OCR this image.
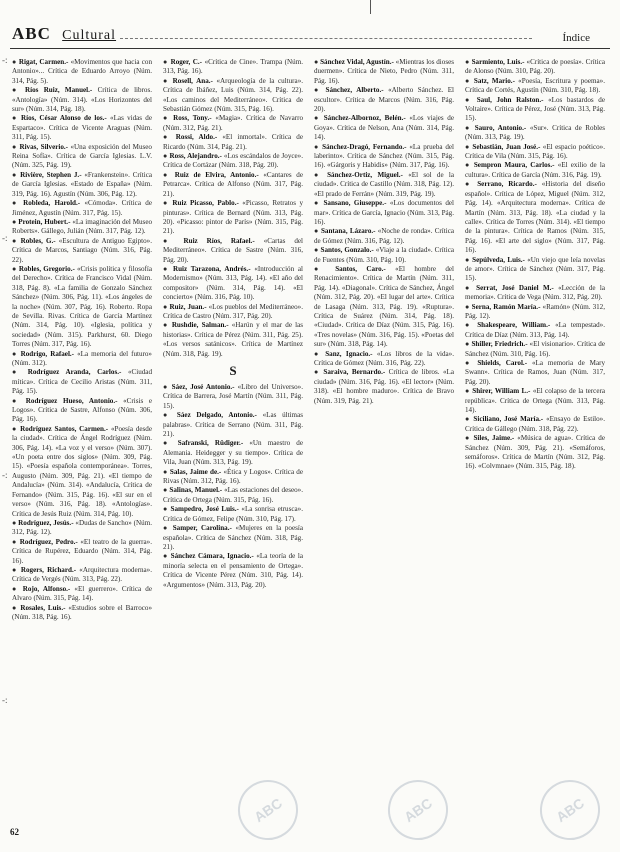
ABC Cultural	Índice
-:
-:
-:
-:

● Rigat, Carmen.- «Movimentos que hacia con Antonio»... Crítica de Eduardo Arroyo (Núm. 314, Pág. 5).

● Ríos Ruiz, Manuel.- Crítica de libros. «Antología» (Núm. 314). «Los Horizontes del sur» (Núm. 314, Pág. 18).

● Ríos, César Alonso de los.- «Las vidas de Espartaco». Crítica de Vicente Araguas (Núm. 311, Pág. 15).

● Rivas, Silverio.- «Una exposición del Museo Reina Sofía». Crítica de García Iglesias. L.V. (Núm. 325, Pág. 19).

● Rivière, Stephen J.- «Frankenstein». Crítica de García Iglesias. «Estado de España» (Núm. 319, Pág. 16). Agustín (Núm. 306, Pág. 12).

● Robleda, Harold.- «Cómoda». Crítica de Jiménez, Agustín (Núm. 317, Pág. 15).

● Protein, Hubert.- «La imaginación del Museo Roberts». Gállego, Julián (Núm. 317, Pág. 12).

● Robles, G.- «Escultura de Antiguo Egipto». Crítica de Marcos, Santiago (Núm. 316, Pág. 22).

● Robles, Gregorio.- «Crisis política y filosofía del Derecho». Crítica de Francisco Vidal (Núm. 318, Pág. 8). «La familia de Gonzalo Sánchez Sánchez» (Núm. 306, Pág. 11). «Los ángeles de la noche» (Núm. 307, Pág. 16). Roberto. Ropa de Sevilla. Rivas. Crítica de García Martínez (Núm. 314, Pág. 10). «Iglesia, política y sociedad» (Núm. 315). Parkhurst, 60. Diego Torres (Núm. 317, Pág. 16).

● Rodrigo, Rafael.- «La memoria del futuro» (Núm. 312).

● Rodríguez Aranda, Carlos.- «Ciudad mítica». Crítica de Cecilio Aristas (Núm. 311, Pág. 15).

● Rodríguez Hueso, Antonio.- «Crisis e Logos». Crítica de Sastre, Alfonso (Núm. 306, Pág. 16).

● Rodríguez Santos, Carmen.- «Poesía desde la ciudad». Crítica de Ángel Rodríguez (Núm. 306, Pág. 14). «La voz y el verso» (Núm. 307). «Un poeta entre dos siglos» (Núm. 309, Pág. 15). «Poesía española contemporánea». Torres, Augusto (Núm. 309, Pág. 21). «El tiempo de Andalucía» (Núm. 314). «Andalucía, Crítica de Fernando» (Núm. 315, Pág. 16). «El sur en el verso» (Núm. 316, Pág. 18). «Antologías». Crítica de Jesús Ruiz (Núm. 314, Pág. 10).

● Rodríguez, Jesús.- «Dudas de Sancho» (Núm. 312, Pág. 12).

● Rodríguez, Pedro.- «El teatro de la guerra». Crítica de Rupérez, Eduardo (Núm. 314, Pág. 16).

● Rogers, Richard.- «Arquitectura moderna». Crítica de Vergés (Núm. 313, Pág. 22).

● Rojo, Alfonso.- «El guerrero». Crítica de Alvaro (Núm. 315, Pág. 14).

● Rosales, Luis.- «Estudios sobre el Barroco» (Núm. 318, Pág. 16).

● Roger, C.- «Crítica de Cine». Trampa (Núm. 313, Pág. 16).

● Rosell, Ana.- «Arqueología de la cultura». Crítica de Ibáñez, Luis (Núm. 314, Pág. 22). «Los caminos del Mediterráneo». Crítica de Sebastián Gómez (Núm. 315, Pág. 16).

● Ross, Tony.- «Magia». Crítica de Navarro (Núm. 312, Pág. 21).

● Rossi, Aldo.- «El inmortal». Crítica de Ricardo (Núm. 314, Pág. 21).

● Ross, Alejandro.- «Los escándalos de Joyce». Crítica de Cortázar (Núm. 318, Pág. 20).

● Ruiz de Elvira, Antonio.- «Cantares de Petrarca». Crítica de Alfonso (Núm. 317, Pág. 21).

● Ruiz Picasso, Pablo.- «Picasso, Retratos y pinturas». Crítica de Bernard (Núm. 313, Pág. 20). «Picasso: pintor de París» (Núm. 315, Pág. 21).

● Ruiz Ríos, Rafael.- «Cartas del Mediterráneo». Crítica de Sastre (Núm. 316, Pág. 20).

● Ruiz Tarazona, Andrés.- «Introducción al Modernismo» (Núm. 313, Pág. 14). «El año del compositor» (Núm. 314, Pág. 14). «El concierto» (Núm. 316, Pág. 10).

● Ruiz, Juan.- «Los pueblos del Mediterráneo». Crítica de Castro (Núm. 317, Pág. 20).

● Rushdie, Salman.- «Harún y el mar de las historias». Crítica de Pérez (Núm. 311, Pág. 25). «Los versos satánicos». Crítica de Martínez (Núm. 318, Pág. 19).

S

● Sáez, José Antonio.- «Libro del Universo». Crítica de Barrera, José Martín (Núm. 311, Pág. 15).

● Sáez Delgado, Antonio.- «Las últimas palabras». Crítica de Serrano (Núm. 311, Pág. 21).

● Safranski, Rüdiger.- «Un maestro de Alemania. Heidegger y su tiempo». Crítica de Vila, Juan (Núm. 313, Pág. 19).

● Salas, Jaime de.- «Ética y Logos». Crítica de Rivas (Núm. 312, Pág. 16).

● Salinas, Manuel.- «Las estaciones del deseo». Crítica de Ortega (Núm. 315, Pág. 16).

● Sampedro, José Luis.- «La sonrisa etrusca». Crítica de Gómez, Felipe (Núm. 310, Pág. 17).

● Samper, Carolina.- «Mujeres en la poesía española». Crítica de Sánchez (Núm. 318, Pág. 21).

● Sánchez Cámara, Ignacio.- «La teoría de la minoría selecta en el pensamiento de Ortega». Crítica de Vicente Pérez (Núm. 310, Pág. 14). «Argumentos» (Núm. 313, Pág. 20).

● Sánchez Vidal, Agustín.- «Mientras los dioses duermen». Crítica de Nieto, Pedro (Núm. 311, Pág. 16).

● Sánchez, Alberto.- «Alberto Sánchez. El escultor». Crítica de Marcos (Núm. 316, Pág. 20).

● Sánchez-Albornoz, Belén.- «Los viajes de Goya». Crítica de Nelson, Ana (Núm. 314, Pág. 14).

● Sánchez-Dragó, Fernando.- «La prueba del laberinto». Crítica de Sánchez (Núm. 315, Pág. 16). «Gárgoris y Habidis» (Núm. 317, Pág. 16).

● Sánchez-Ortiz, Miguel.- «El sol de la ciudad». Crítica de Castillo (Núm. 318, Pág. 12). «El prado de Ferrán» (Núm. 319, Pág. 19).

● Sansano, Giuseppe.- «Los documentos del mar». Crítica de García, Ignacio (Núm. 313, Pág. 16).

● Santana, Lázaro.- «Noche de ronda». Crítica de Gómez (Núm. 316, Pág. 12).

● Santos, Gonzalo.- «Viaje a la ciudad». Crítica de Fuentes (Núm. 310, Pág. 10).

● Santos, Caro.- «El hombre del Renacimiento». Crítica de Martín (Núm. 311, Pág. 14). «Diagonal». Crítica de Sánchez, Ángel (Núm. 312, Pág. 20). «El lugar del arte». Crítica de Lasaga (Núm. 313, Pág. 19). «Ruptura». Crítica de Suárez (Núm. 314, Pág. 18). «Ciudad». Crítica de Díaz (Núm. 315, Pág. 16). «Tres novelas» (Núm. 316, Pág. 15). «Poetas del sur» (Núm. 318, Pág. 14).

● Sanz, Ignacio.- «Los libros de la vida». Crítica de Gómez (Núm. 316, Pág. 22).

● Saraiva, Bernardo.- Crítica de libros. «La ciudad» (Núm. 316, Pág. 16). «El lector» (Núm. 318). «El hombre maduro». Crítica de Bravo (Núm. 319, Pág. 21).

● Sarmiento, Luis.- «Crítica de poesía». Crítica de Alonso (Núm. 310, Pág. 20).

● Satz, Mario.- «Poesía, Escritura y poema». Crítica de Cortés, Agustín (Núm. 310, Pág. 18).

● Saul, John Ralston.- «Los bastardos de Voltaire». Crítica de Pérez, José (Núm. 313, Pág. 15).

● Sauro, Antonio.- «Sur». Crítica de Robles (Núm. 313, Pág. 19).

● Sebastián, Juan José.- «El espacio poético». Crítica de Vila (Núm. 315, Pág. 16).

● Sempron Maura, Carlos.- «El exilio de la cultura». Crítica de García (Núm. 316, Pág. 19).

● Serrano, Ricardo.- «Historia del diseño español». Crítica de López, Miguel (Núm. 312, Pág. 14). «Arquitectura moderna». Crítica de Martín (Núm. 313, Pág. 18). «La ciudad y la calle». Crítica de Torres (Núm. 314). «El tiempo de la pintura». Crítica de Ramos (Núm. 315, Pág. 16). «El arte del siglo» (Núm. 317, Pág. 16).

● Sepúlveda, Luis.- «Un viejo que leía novelas de amor». Crítica de Sánchez (Núm. 317, Pág. 15).

● Serrat, José Daniel M.- «Lección de la memoria». Crítica de Vega (Núm. 312, Pág. 20).

● Serna, Ramón María.- «Ramón» (Núm. 312, Pág. 12).

● Shakespeare, William.- «La tempestad». Crítica de Díaz (Núm. 313, Pág. 14).

● Shiller, Friedrich.- «El visionario». Crítica de Sánchez (Núm. 310, Pág. 16).

● Shields, Carol.- «La memoria de Mary Swann». Crítica de Ramos, Juan (Núm. 317, Pág. 20).

● Shirer, William L.- «El colapso de la tercera república». Crítica de Ortega (Núm. 313, Pág. 14).

● Siciliano, José María.- «Ensayo de Estilo». Crítica de Gállego (Núm. 318, Pág. 22).

● Siles, Jaime.- «Música de agua». Crítica de Sánchez (Núm. 309, Pág. 21). «Semáforos, semáforos». Crítica de Martín (Núm. 312, Pág. 16). «Colvmnae» (Núm. 315, Pág. 18).

62
ABC	ABC	ABC
